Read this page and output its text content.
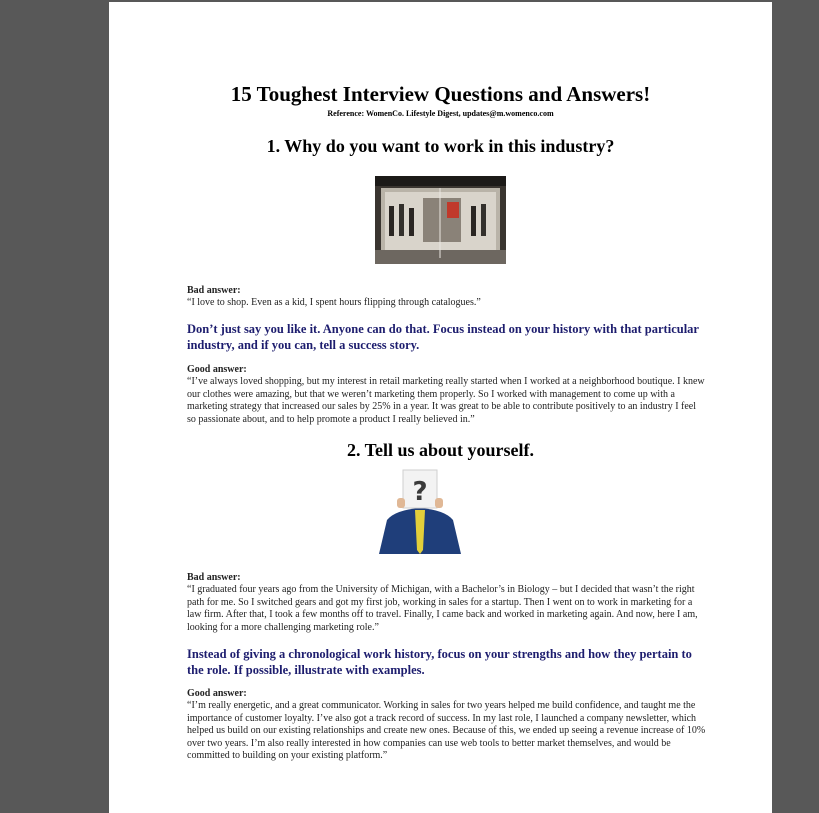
15 Toughest Interview Questions and Answers!
Reference: WomenCo. Lifestyle Digest, updates@m.womenco.com
1. Why do you want to work in this industry?
Bad answer:
“I love to shop. Even as a kid, I spent hours flipping through catalogues.”
Don’t just say you like it. Anyone can do that. Focus instead on your history with that particular industry, and if you can, tell a success story.
Good answer:
“I’ve always loved shopping, but my interest in retail marketing really started when I worked at a neighborhood boutique. I knew our clothes were amazing, but that we weren’t marketing them properly. So I worked with management to come up with a marketing strategy that increased our sales by 25% in a year. It was great to be able to contribute positively to an industry I feel so passionate about, and to help promote a product I really believed in.”
2. Tell us about yourself.
?
Bad answer:
“I graduated four years ago from the University of Michigan, with a Bachelor’s in Biology – but I decided that wasn’t the right path for me. So I switched gears and got my first job, working in sales for a startup. Then I went on to work in marketing for a law firm. After that, I took a few months off to travel. Finally, I came back and worked in marketing again. And now, here I am, looking for a more challenging marketing role.”
Instead of giving a chronological work history, focus on your strengths and how they pertain to the role. If possible, illustrate with examples.
Good answer:
“I’m really energetic, and a great communicator. Working in sales for two years helped me build confidence, and taught me the importance of customer loyalty. I’ve also got a track record of success. In my last role, I launched a company newsletter, which helped us build on our existing relationships and create new ones. Because of this, we ended up seeing a revenue increase of 10% over two years. I’m also really interested in how companies can use web tools to better market themselves, and would be committed to building on your existing platform.”
